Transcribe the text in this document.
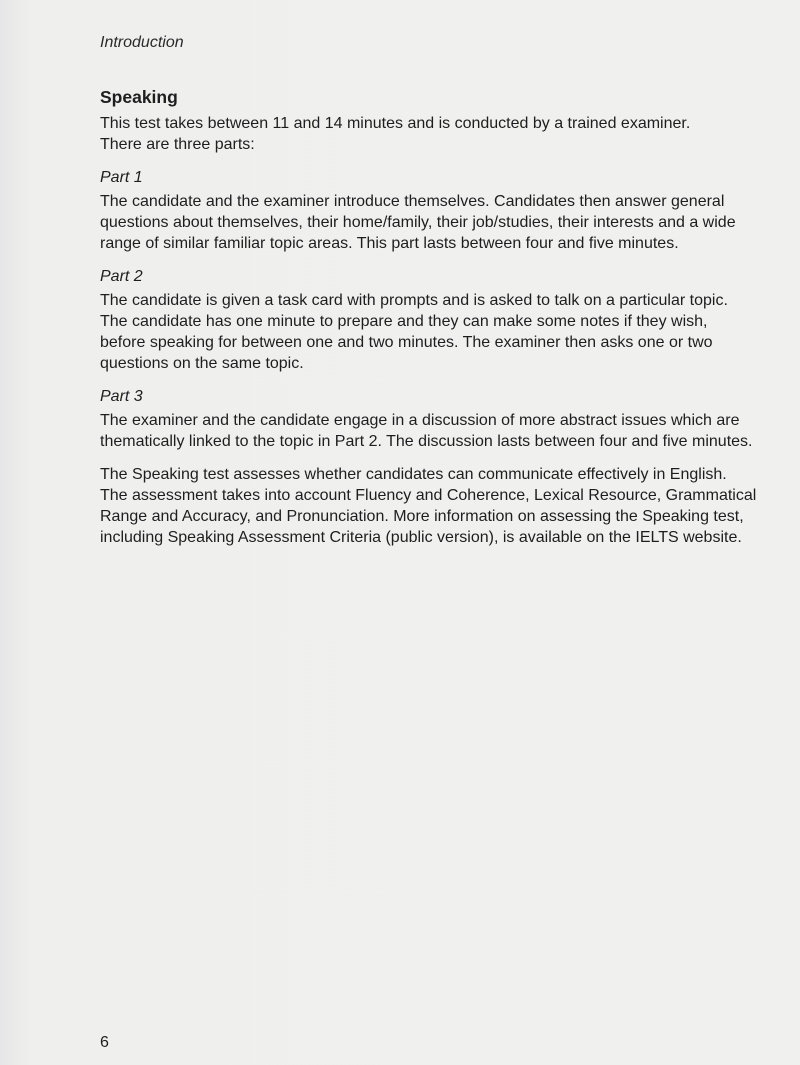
Introduction
Speaking

This test takes between 11 and 14 minutes and is conducted by a trained examiner.
There are three parts:

Part 1

The candidate and the examiner introduce themselves. Candidates then answer general
questions about themselves, their home/family, their job/studies, their interests and a wide
range of similar familiar topic areas. This part lasts between four and five minutes.

Part 2

The candidate is given a task card with prompts and is asked to talk on a particular topic.
The candidate has one minute to prepare and they can make some notes if they wish,
before speaking for between one and two minutes. The examiner then asks one or two
questions on the same topic.

Part 3

The examiner and the candidate engage in a discussion of more abstract issues which are
thematically linked to the topic in Part 2. The discussion lasts between four and five minutes.

The Speaking test assesses whether candidates can communicate effectively in English.
The assessment takes into account Fluency and Coherence, Lexical Resource, Grammatical
Range and Accuracy, and Pronunciation. More information on assessing the Speaking test,
including Speaking Assessment Criteria (public version), is available on the IELTS website.

6
